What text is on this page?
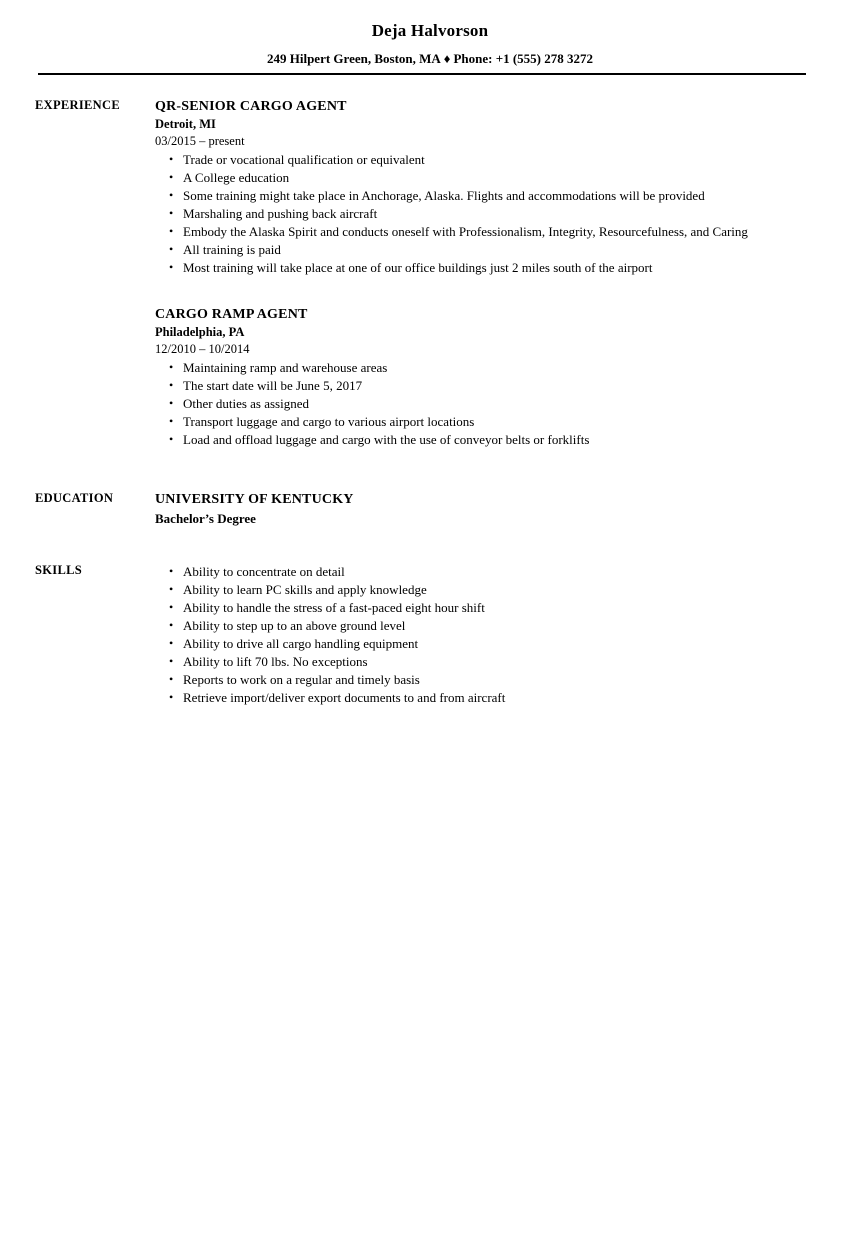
Deja Halvorson
249 Hilpert Green, Boston, MA ♦ Phone: +1 (555) 278 3272
EXPERIENCE	QR-SENIOR CARGO AGENT
Detroit, MI
03/2015 – present
• Trade or vocational qualification or equivalent
• A College education
• Some training might take place in Anchorage, Alaska. Flights and accommodations will be provided
• Marshaling and pushing back aircraft
• Embody the Alaska Spirit and conducts oneself with Professionalism, Integrity, Resourcefulness, and Caring
• All training is paid
• Most training will take place at one of our office buildings just 2 miles south of the airport
CARGO RAMP AGENT
Philadelphia, PA
12/2010 – 10/2014
• Maintaining ramp and warehouse areas
• The start date will be June 5, 2017
• Other duties as assigned
• Transport luggage and cargo to various airport locations
• Load and offload luggage and cargo with the use of conveyor belts or forklifts
EDUCATION	UNIVERSITY OF KENTUCKY
Bachelor’s Degree
SKILLS	• Ability to concentrate on detail
• Ability to learn PC skills and apply knowledge
• Ability to handle the stress of a fast-paced eight hour shift
• Ability to step up to an above ground level
• Ability to drive all cargo handling equipment
• Ability to lift 70 lbs. No exceptions
• Reports to work on a regular and timely basis
• Retrieve import/deliver export documents to and from aircraft
